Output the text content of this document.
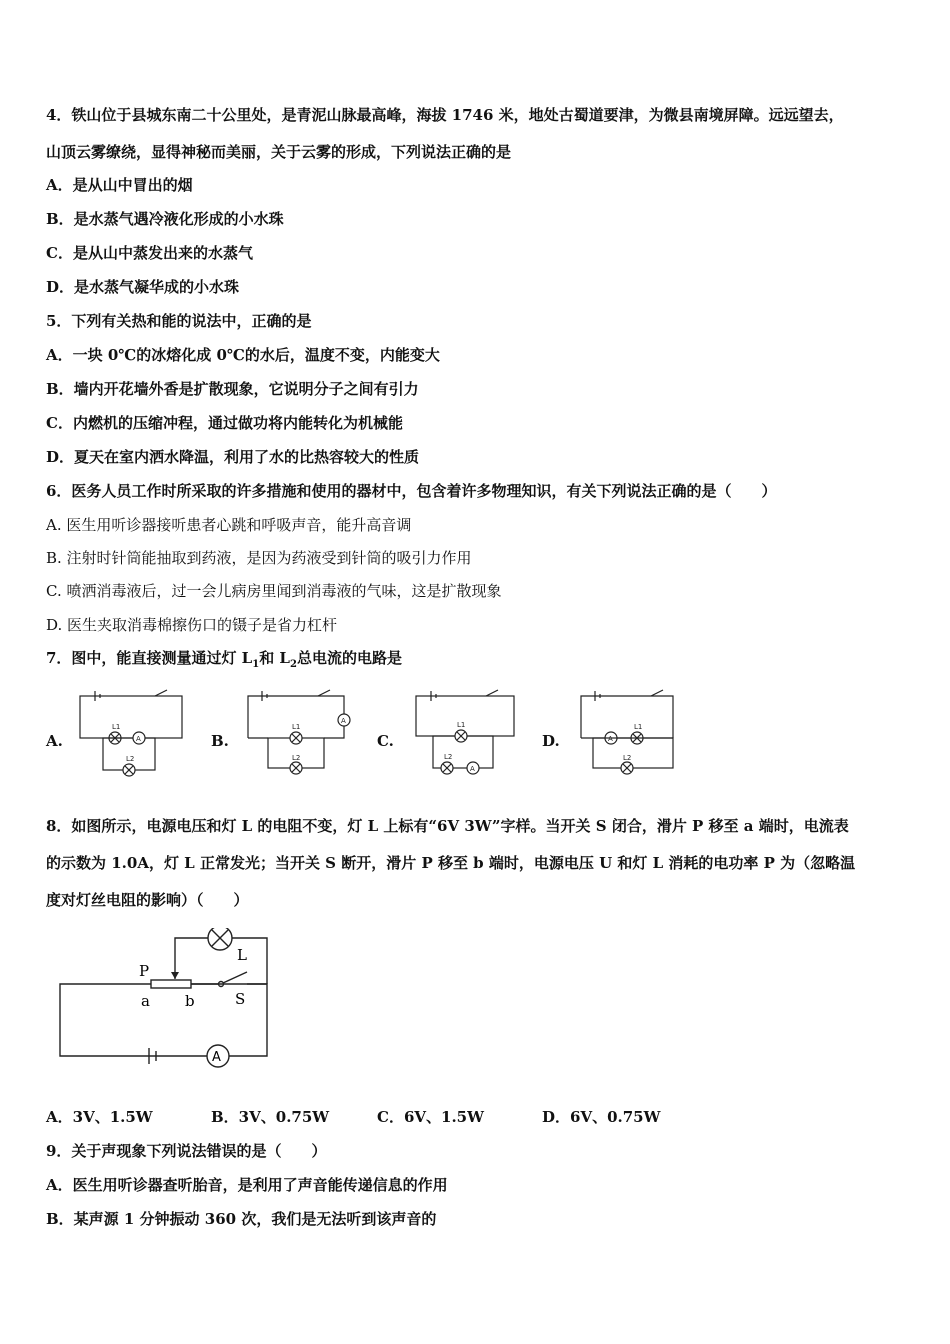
4．铁山位于县城东南二十公里处，是青泥山脉最高峰，海拔 1746 米，地处古蜀道要津，为微县南境屏障。远远望去，
山顶云雾缭绕，显得神秘而美丽，关于云雾的形成，下列说法正确的是
A．是从山中冒出的烟
B．是水蒸气遇冷液化形成的小水珠
C．是从山中蒸发出来的水蒸气
D．是水蒸气凝华成的小水珠
5．下列有关热和能的说法中，正确的是
A．一块 0℃的冰熔化成 0℃的水后，温度不变，内能变大
B．墙内开花墙外香是扩散现象，它说明分子之间有引力
C．内燃机的压缩冲程，通过做功将内能转化为机械能
D．夏天在室内洒水降温，利用了水的比热容较大的性质
6．医务人员工作时所采取的许多措施和使用的器材中，包含着许多物理知识，有关下列说法正确的是（　　）
A. 医生用听诊器接听患者心跳和呼吸声音，能升高音调
B. 注射时针筒能抽取到药液，是因为药液受到针筒的吸引力作用
C. 喷洒消毒液后，过一会儿病房里闻到消毒液的气味，这是扩散现象
D. 医生夹取消毒棉擦伤口的镊子是省力杠杆
7．图中，能直接测量通过灯 $L_1$和 $L_2$总电流的电路是
A.	B.	C.	D.
A
L1
L2
A
L1
L2
A
L1
L2
A
L1
L2
8．如图所示，电源电压和灯 L 的电阻不变，灯 L 上标有“6V 3W”字样。当开关 S 闭合，滑片 P 移至 a 端时，电流表
的示数为 1.0A，灯 L 正常发光；当开关 S 断开，滑片 P 移至 b 端时，电源电压 U 和灯 L 消耗的电功率 P 为（忽略温
度对灯丝电阻的影响）（　　）
P
L
a b	S
A
A．3V、1.5W	B．3V、0.75W	C．6V、1.5W	D．6V、0.75W
9．关于声现象下列说法错误的是（　　）
A．医生用听诊器查听胎音，是利用了声音能传递信息的作用
B．某声源 1 分钟振动 360 次，我们是无法听到该声音的
